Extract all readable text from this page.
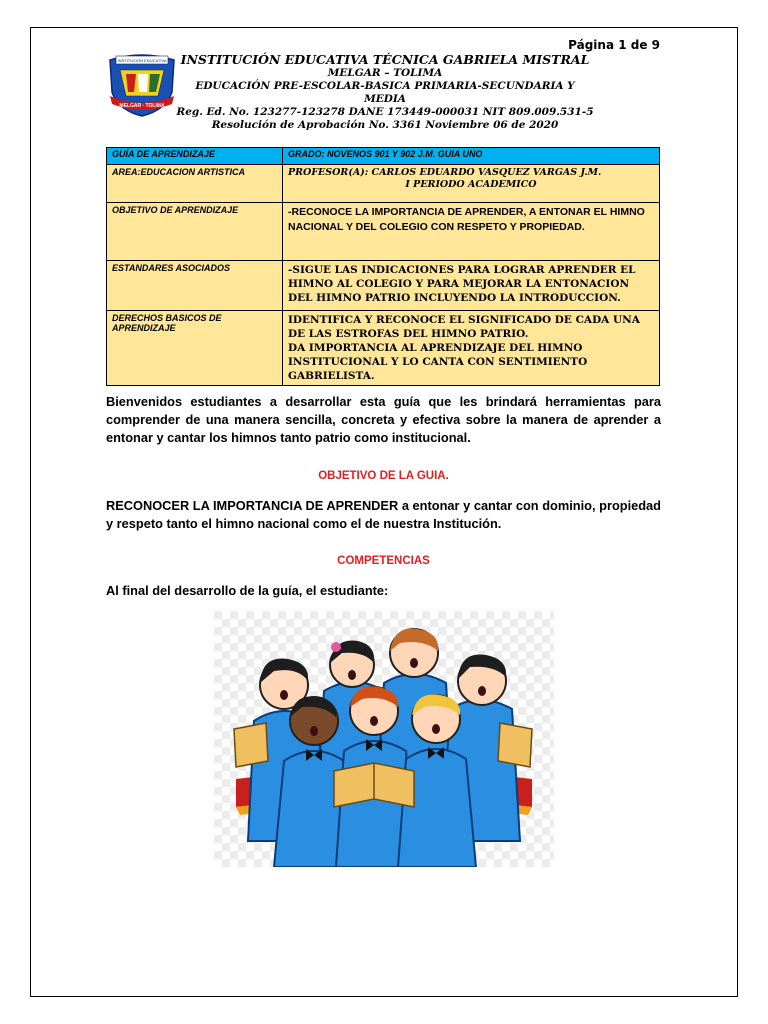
Página 1 de 9
INSTITUCION EDUCATIVA
MELGAR · TOLIMA
INSTITUCIÓN EDUCATIVA TÉCNICA GABRIELA MISTRAL
MELGAR – TOLIMA
EDUCACIÓN PRE-ESCOLAR-BASICA PRIMARIA-SECUNDARIA Y MEDIA
Reg. Ed. No. 123277-123278 DANE 173449-000031 NIT 809.009.531-5
Resolución de Aprobación No. 3361 Noviembre 06 de 2020
GUÍA DE APRENDIZAJE	GRADO: NOVENOS 901 Y 902 J.M. GUIA UNO
AREA:EDUCACION ARTISTICA	PROFESOR(A): CARLOS EDUARDO VASQUEZ VARGAS J.M.
I PERIODO ACADEMICO

OBJETIVO DE APRENDIZAJE	-RECONOCE LA IMPORTANCIA DE APRENDER, A ENTONAR EL HIMNO NACIONAL Y DEL COLEGIO CON RESPETO Y PROPIEDAD.
ESTANDARES ASOCIADOS	-SIGUE LAS INDICACIONES PARA LOGRAR APRENDER EL HIMNO AL COLEGIO Y PARA MEJORAR LA ENTONACION DEL HIMNO PATRIO INCLUYENDO LA INTRODUCCION.
DERECHOS BASICOS DE APRENDIZAJE	IDENTIFICA Y RECONOCE EL SIGNIFICADO DE CADA UNA DE LAS ESTROFAS DEL HIMNO PATRIO.
DA IMPORTANCIA AL APRENDIZAJE DEL HIMNO INSTITUCIONAL Y LO CANTA CON SENTIMIENTO GABRIELISTA.
Bienvenidos estudiantes a desarrollar esta guía que les brindará herramientas para comprender de una manera sencilla, concreta y efectiva sobre la manera de aprender a entonar y cantar los himnos tanto patrio como institucional.
OBJETIVO DE LA GUIA.
RECONOCER LA IMPORTANCIA DE APRENDER a entonar y cantar con dominio, propiedad y respeto tanto el himno nacional como el de nuestra Institución.
COMPETENCIAS
Al final del desarrollo de la guía, el estudiante:
